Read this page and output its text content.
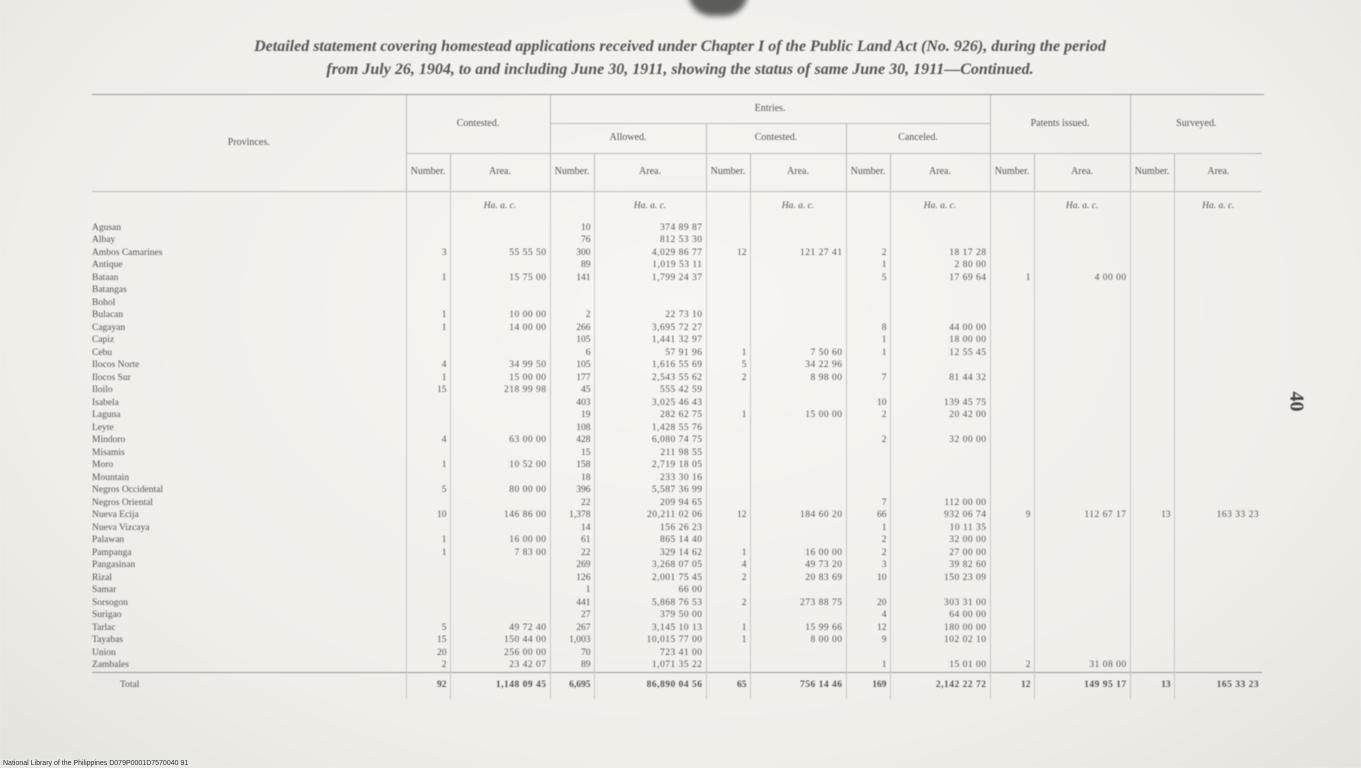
Detailed statement covering homestead applications received under Chapter I of the Public Land Act (No. 926), during the period
from July 26, 1904, to and including June 30, 1911, showing the status of same June 30, 1911—Continued.
Provinces.	Contested.		Entries.						Patents issued.		Surveyed.	
			Allowed.		Contested.		Canceled.					
	Number.	Area.	Number.	Area.	Number.	Area.	Number.	Area.	Number.	Area.	Number.	Area.
		Ha. a. c.		Ha. a. c.		Ha. a. c.		Ha. a. c.		Ha. a. c.		Ha. a. c.
Agusan			10	374 89 87								
Albay			76	812 53 30								
Ambos Camarines	3	55 55 50	300	4,029 86 77	12	121 27 41	2	18 17 28				
Antique			89	1,019 53 11			1	2 80 00				
Bataan	1	15 75 00	141	1,799 24 37			5	17 69 64	1	4 00 00		
Batangas												
Bohol												
Bulacan	1	10 00 00	2	22 73 10								
Cagayan	1	14 00 00	266	3,695 72 27			8	44 00 00				
Capiz			105	1,441 32 97			1	18 00 00				
Cebu			6	57 91 96	1	7 50 60	1	12 55 45				
Ilocos Norte	4	34 99 50	105	1,616 55 69	5	34 22 96						
Ilocos Sur	1	15 00 00	177	2,543 55 62	2	8 98 00	7	81 44 32				
Iloilo	15	218 99 98	45	555 42 59								
Isabela			403	3,025 46 43			10	139 45 75				
Laguna			19	282 62 75	1	15 00 00	2	20 42 00				
Leyte			108	1,428 55 76								
Mindoro	4	63 00 00	428	6,080 74 75			2	32 00 00				
Misamis			15	211 98 55								
Moro	1	10 52 00	158	2,719 18 05								
Mountain			18	233 30 16								
Negros Occidental	5	80 00 00	396	5,587 36 99								
Negros Oriental			22	209 94 65			7	112 00 00				
Nueva Ecija	10	146 86 00	1,378	20,211 02 06	12	184 60 20	66	932 06 74	9	112 67 17	13	163 33 23
Nueva Vizcaya			14	156 26 23			1	10 11 35				
Palawan	1	16 00 00	61	865 14 40			2	32 00 00				
Pampanga	1	7 83 00	22	329 14 62	1	16 00 00	2	27 00 00				
Pangasinan			269	3,268 07 05	4	49 73 20	3	39 82 60				
Rizal			126	2,001 75 45	2	20 83 69	10	150 23 09				
Samar			1	66 00								
Sorsogon			441	5,868 76 53	2	273 88 75	20	303 31 00				
Surigao			27	379 50 00			4	64 00 00				
Tarlac	5	49 72 40	267	3,145 10 13	1	15 99 66	12	180 00 00				
Tayabas	15	150 44 00	1,003	10,015 77 00	1	8 00 00	9	102 02 10				
Union	20	256 00 00	70	723 41 00								
Zambales	2	23 42 07	89	1,071 35 22			1	15 01 00	2	31 08 00		
Total	92	1,148 09 45	6,695	86,890 04 56	65	756 14 46	169	2,142 22 72	12	149 95 17	13	165 33 23
40
National Library of the Philippines D079P0001D7570040 91
